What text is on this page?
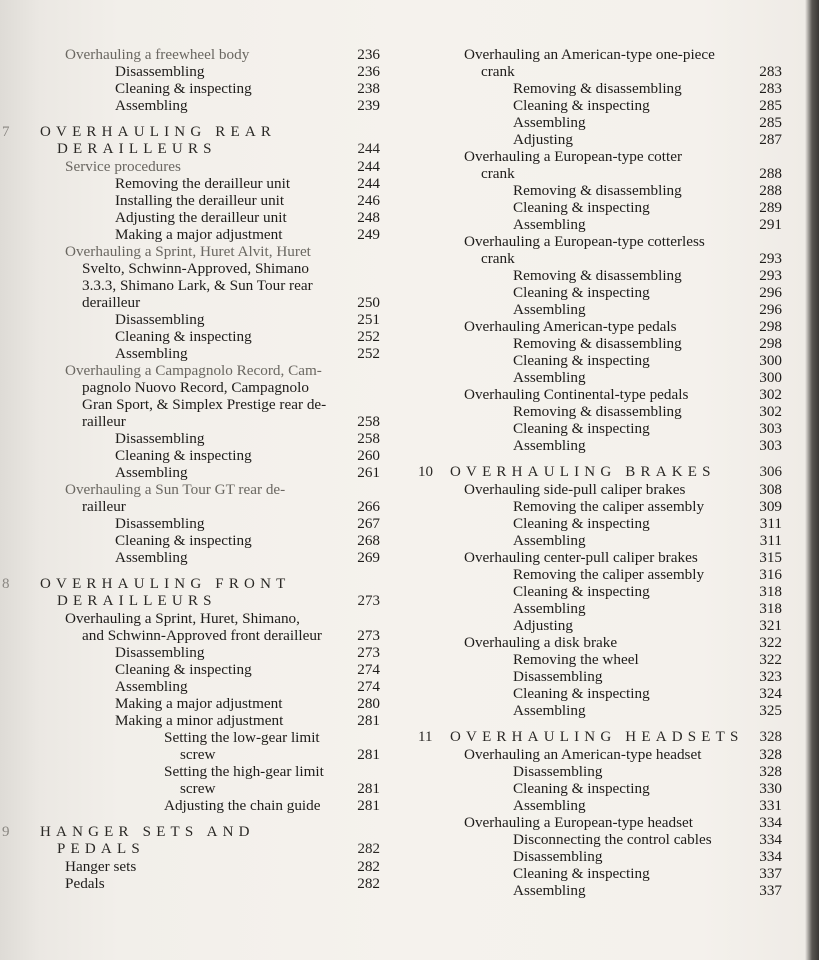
Overhauling a freewheel body	236
Disassembling	236
Cleaning & inspecting	238
Assembling	239
7 OVERHAULING REAR
DERAILLEURS	244
Service procedures	244
Removing the derailleur unit	244
Installing the derailleur unit	246
Adjusting the derailleur unit	248
Making a major adjustment	249
Overhauling a Sprint, Huret Alvit, Huret
Svelto, Schwinn-Approved, Shimano
3.3.3, Shimano Lark, & Sun Tour rear
derailleur	250
Disassembling	251
Cleaning & inspecting	252
Assembling	252
Overhauling a Campagnolo Record, Cam-
pagnolo Nuovo Record, Campagnolo
Gran Sport, & Simplex Prestige rear de-
railleur	258
Disassembling	258
Cleaning & inspecting	260
Assembling	261
Overhauling a Sun Tour GT rear de-
railleur	266
Disassembling	267
Cleaning & inspecting	268
Assembling	269
8 OVERHAULING FRONT
DERAILLEURS	273
Overhauling a Sprint, Huret, Shimano,
and Schwinn-Approved front derailleur 273
Disassembling	273
Cleaning & inspecting	274
Assembling	274
Making a major adjustment	280
Making a minor adjustment	281
Setting the low-gear limit
screw	281
Setting the high-gear limit
screw	281
Adjusting the chain guide 281
9 HANGER SETS AND
PEDALS	282
Hanger sets	282
Pedals	282
Overhauling an American-type one-piece
crank	283
Removing & disassembling	283
Cleaning & inspecting	285
Assembling	285
Adjusting	287
Overhauling a European-type cotter
crank	288
Removing & disassembling	288
Cleaning & inspecting	289
Assembling	291
Overhauling a European-type cotterless
crank	293
Removing & disassembling	293
Cleaning & inspecting	296
Assembling	296
Overhauling American-type pedals	298
Removing & disassembling	298
Cleaning & inspecting	300
Assembling	300
Overhauling Continental-type pedals	302
Removing & disassembling	302
Cleaning & inspecting	303
Assembling	303
10 OVERHAULING BRAKES	306
Overhauling side-pull caliper brakes	308
Removing the caliper assembly	309
Cleaning & inspecting	311
Assembling	311
Overhauling center-pull caliper brakes	315
Removing the caliper assembly	316
Cleaning & inspecting	318
Assembling	318
Adjusting	321
Overhauling a disk brake	322
Removing the wheel	322
Disassembling	323
Cleaning & inspecting	324
Assembling	325
11 OVERHAULING HEADSETS 328
Overhauling an American-type headset	328
Disassembling	328
Cleaning & inspecting	330
Assembling	331
Overhauling a European-type headset	334
Disconnecting the control cables	334
Disassembling	334
Cleaning & inspecting	337
Assembling	337
